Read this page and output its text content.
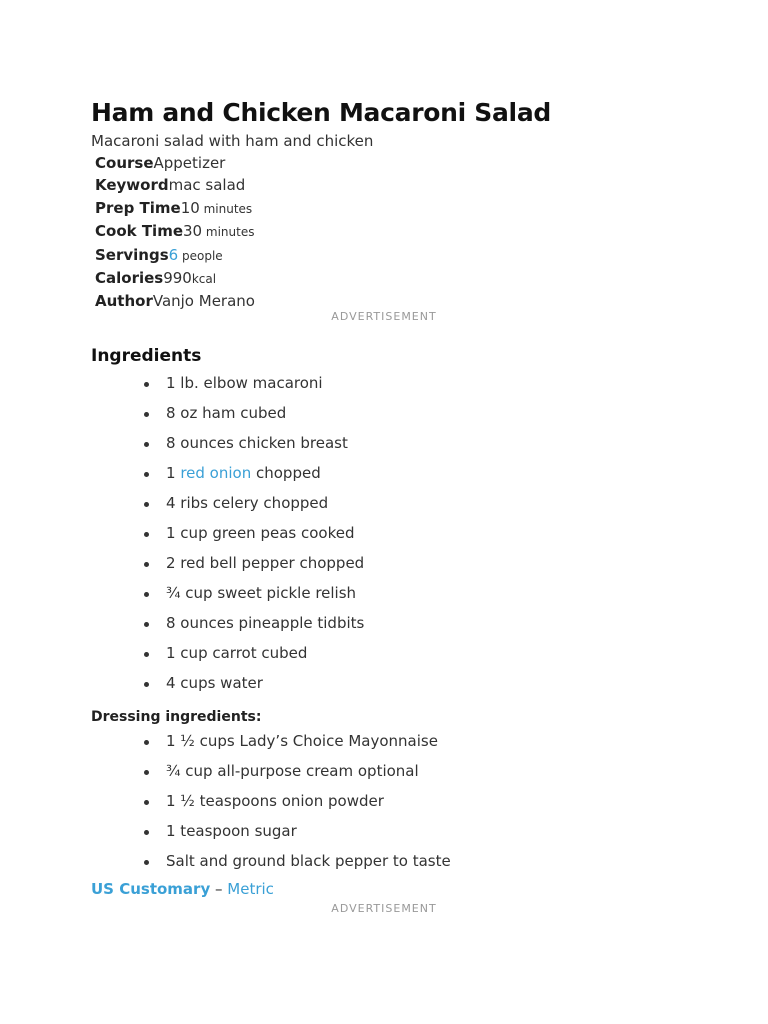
Ham and Chicken Macaroni Salad

Macaroni salad with ham and chicken

CourseAppetizer
Keywordmac salad
Prep Time10 minutes
Cook Time30 minutes
Servings6 people
Calories990kcal
AuthorVanjo Merano
ADVERTISEMENT
Ingredients
1 lb. elbow macaroni
8 oz ham cubed
8 ounces chicken breast
1 red onion chopped
4 ribs celery chopped
1 cup green peas cooked
2 red bell pepper chopped
¾ cup sweet pickle relish
8 ounces pineapple tidbits
1 cup carrot cubed
4 cups water
Dressing ingredients:
1 ½ cups Lady’s Choice Mayonnaise
¾ cup all-purpose cream optional
1 ½ teaspoons onion powder
1 teaspoon sugar
Salt and ground black pepper to taste
US Customary – Metric
ADVERTISEMENT
